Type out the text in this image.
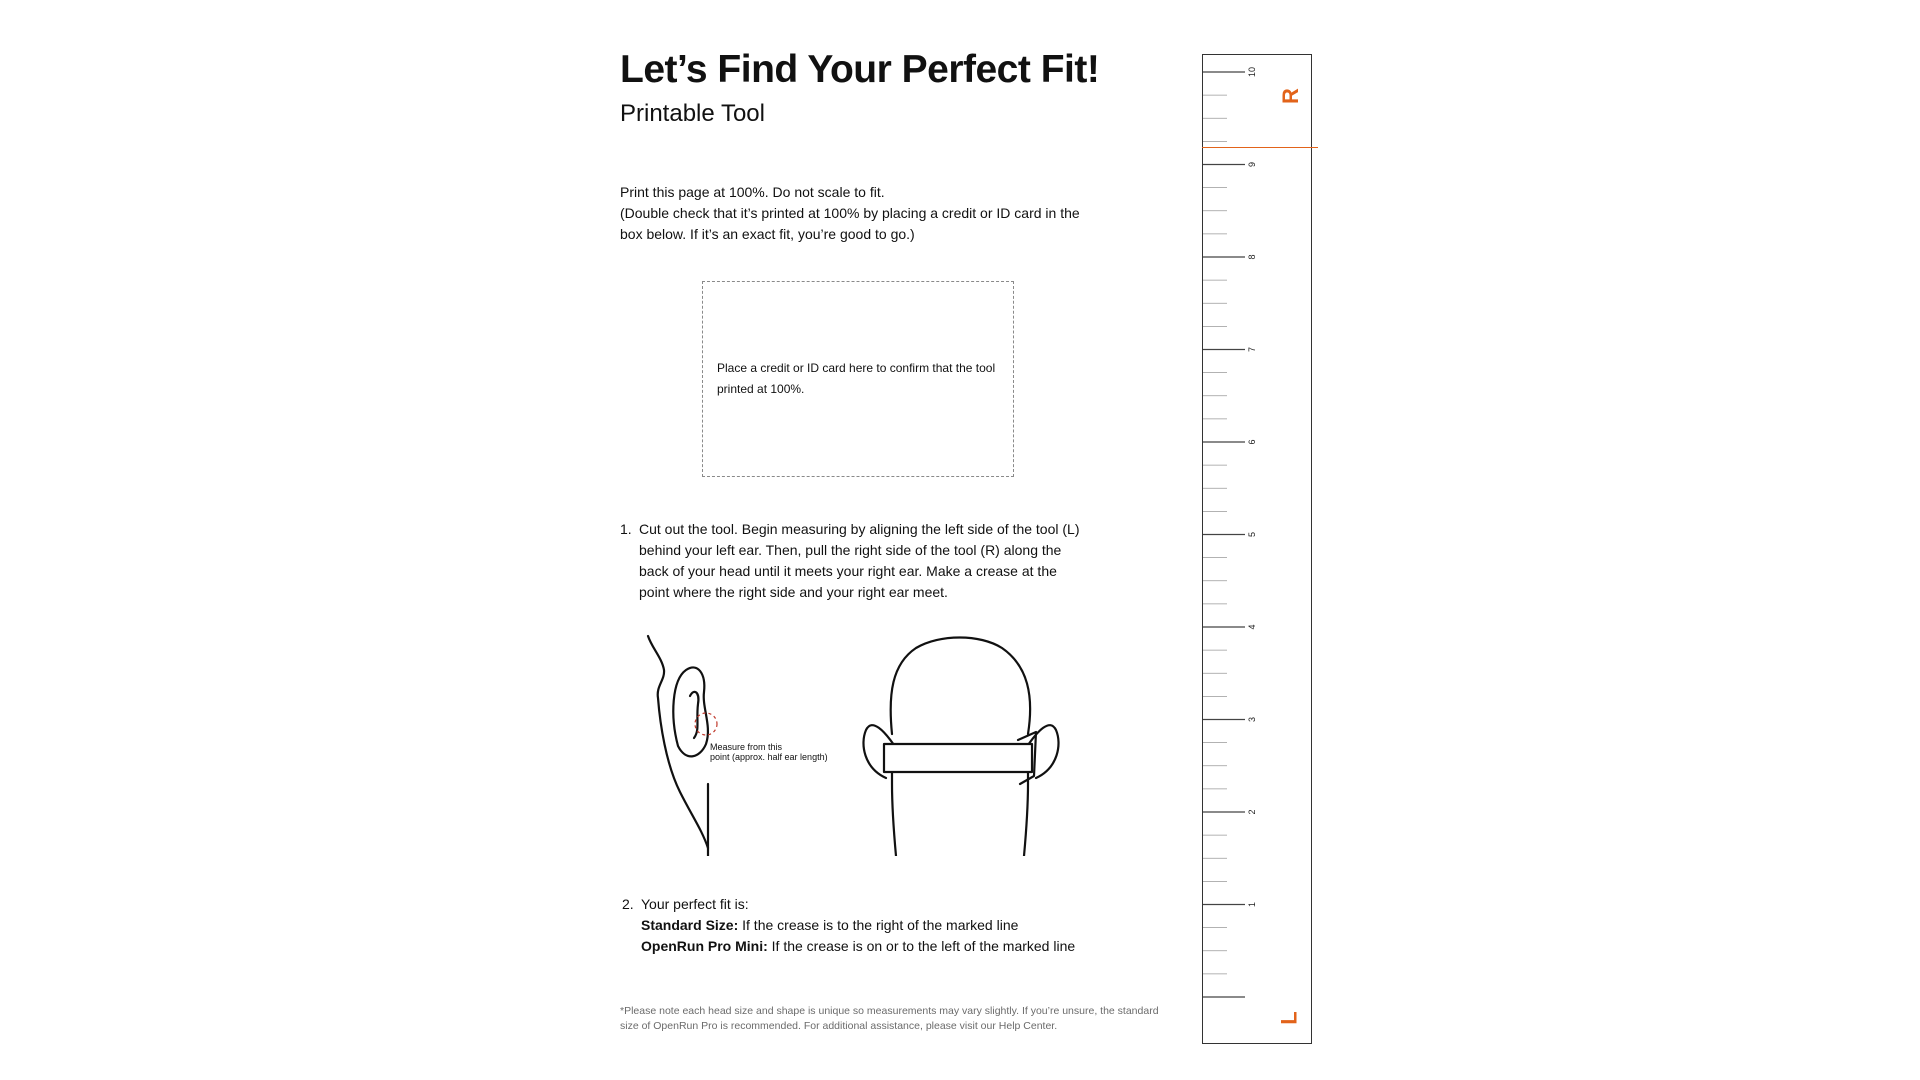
Let’s Find Your Perfect Fit!
Printable Tool

Print this page at 100%. Do not scale to fit.

(Double check that it’s printed at 100% by placing a credit or ID card in the box below. If it’s an exact fit, you’re good to go.)

Place a credit or ID card here to confirm that the tool printed at 100%.
1. Cut out the tool. Begin measuring by aligning the left side of the tool (L) behind your left ear. Then, pull the right side of the tool (R) along the back of your head until it meets your right ear. Make a crease at the point where the right side and your right ear meet.
Measure from this
point (approx. half ear length)
2. Your perfect fit is:
Standard Size: If the crease is to the right of the marked line
OpenRun Pro Mini: If the crease is on or to the left of the marked line
*Please note each head size and shape is unique so measurements may vary slightly. If you’re unsure, the standard size of OpenRun Pro is recommended. For additional assistance, please visit our Help Center.
1
2
3
4
5
6
7
8
9
10
R
L
